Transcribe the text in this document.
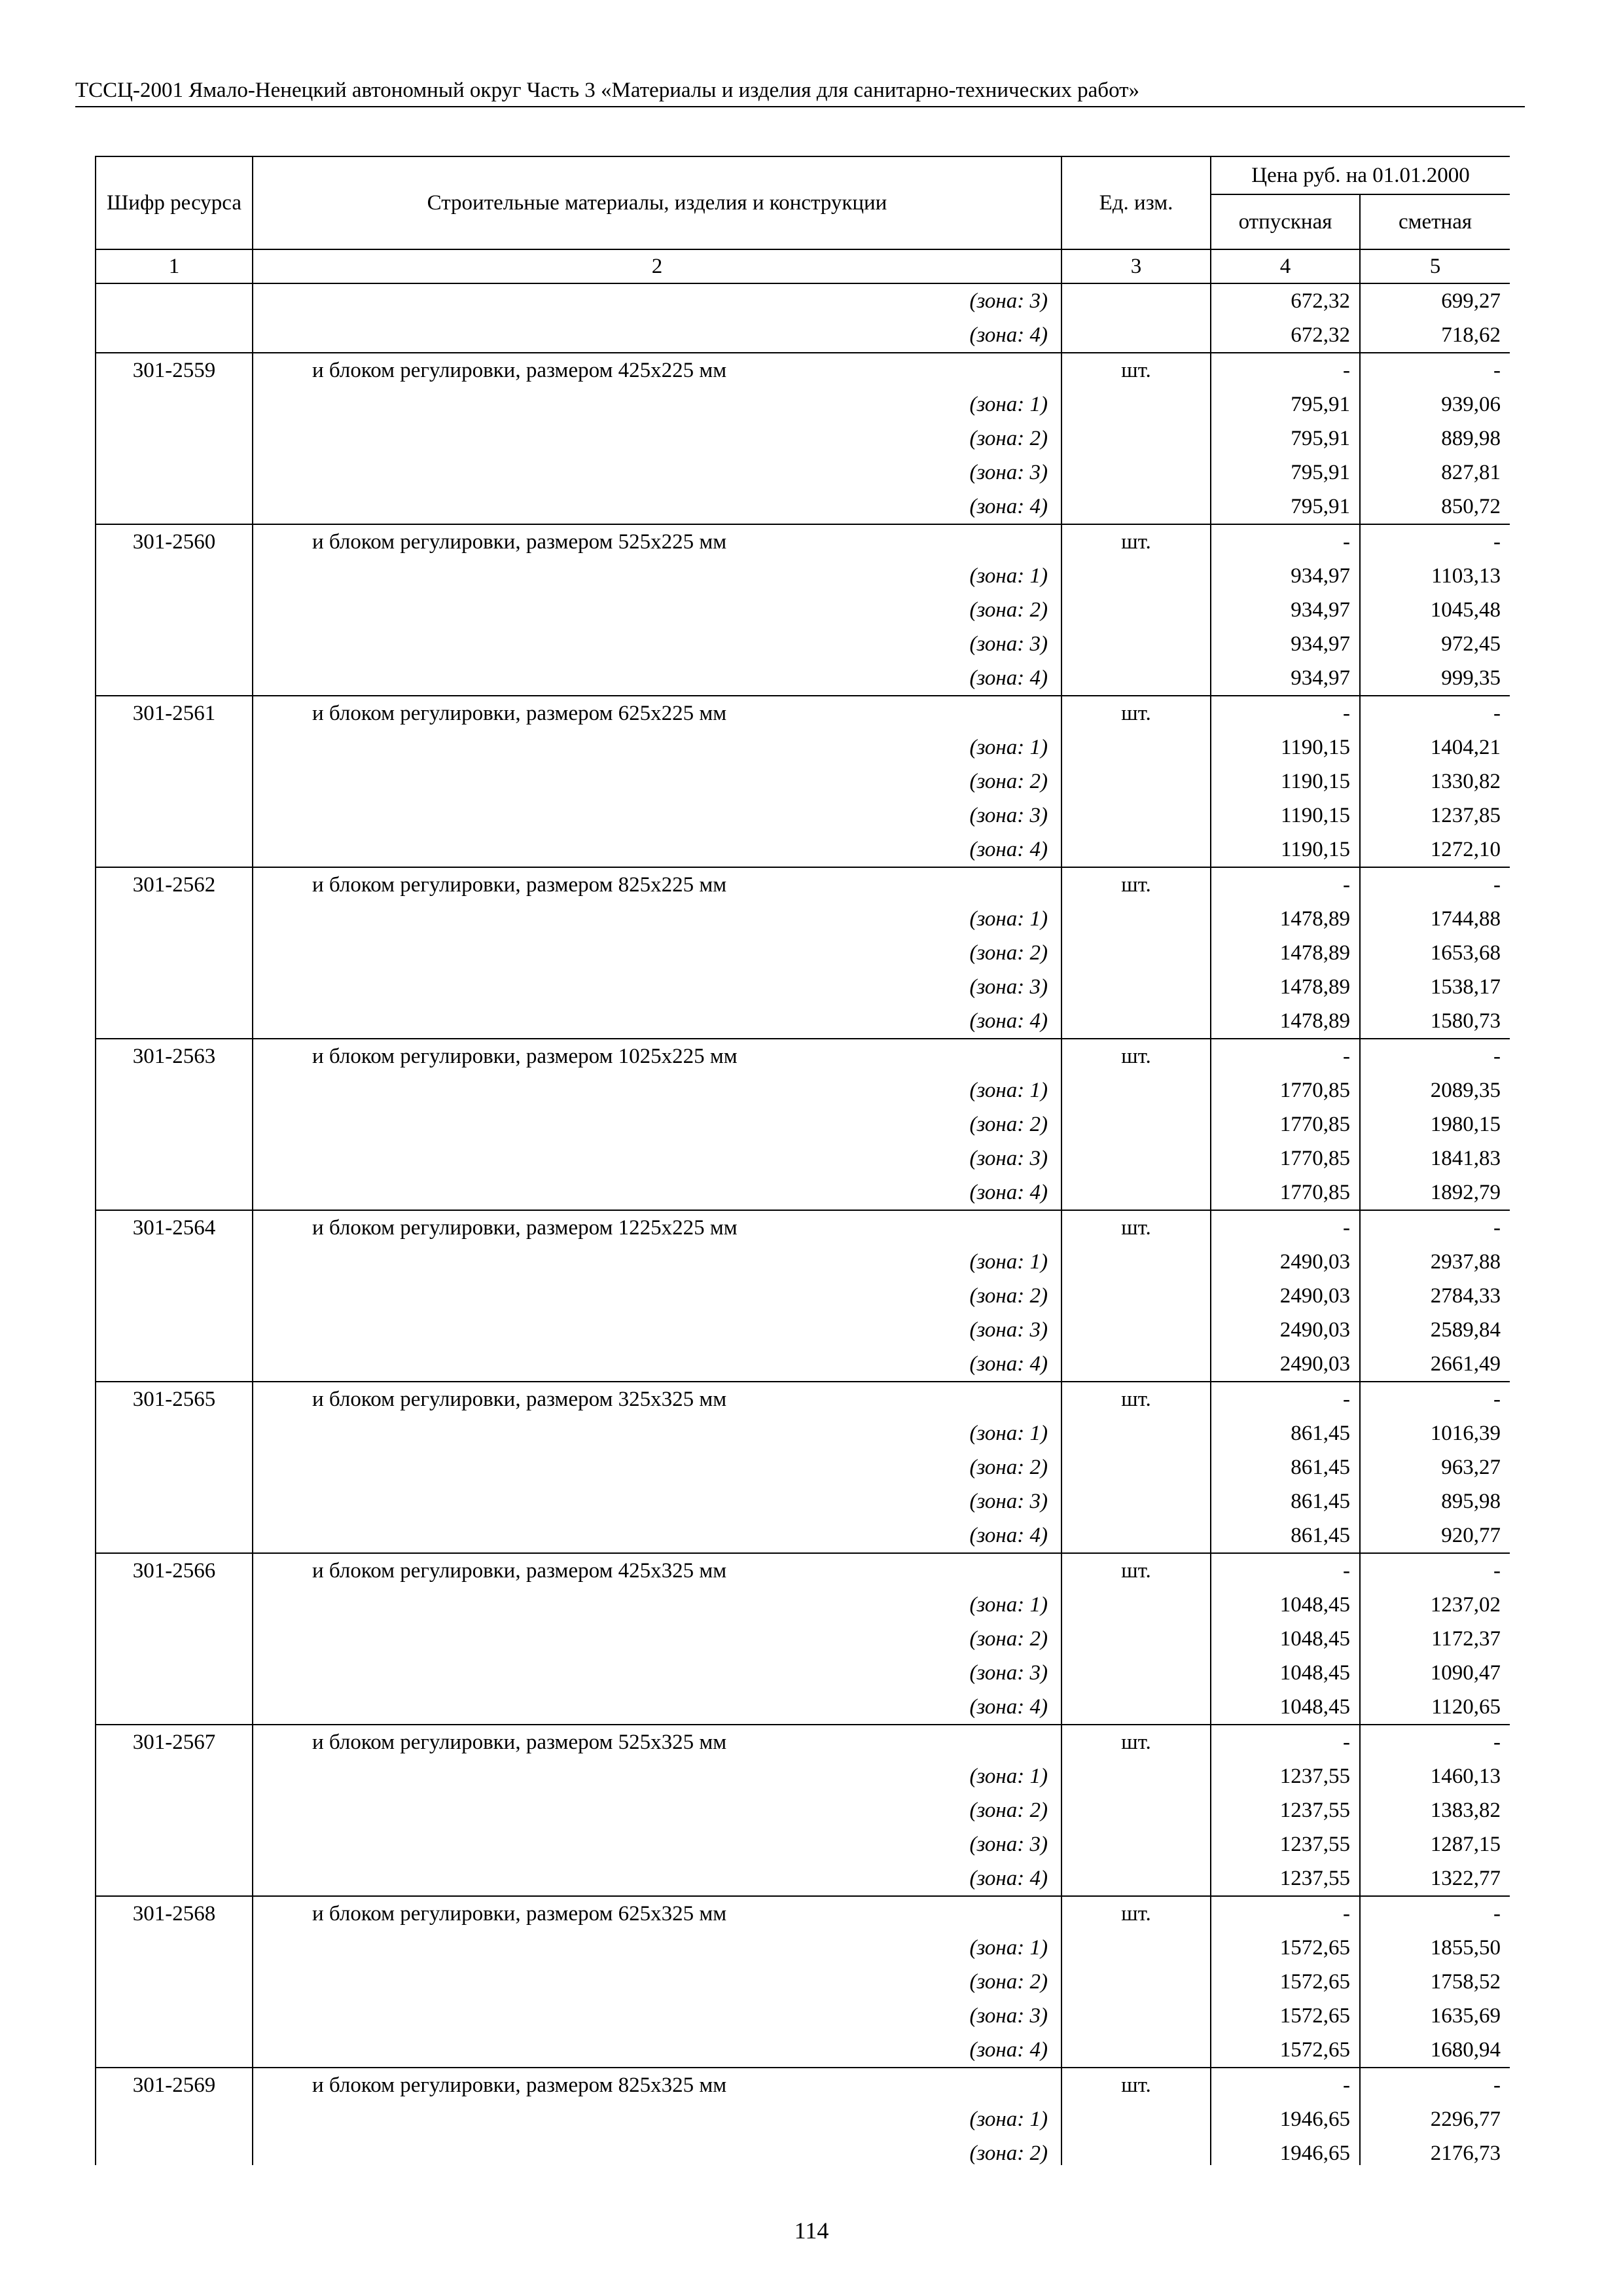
ТССЦ-2001 Ямало-Ненецкий автономный округ Часть 3 «Материалы и изделия для санитарно-технических работ»
Шифр ресурса	Строительные материалы, изделия и конструкции	Ед. изм.	Цена руб. на 01.01.2000	
			отпускная	сметная
1	2	3	4	5
	(зона: 3)		672,32	699,27
	(зона: 4)		672,32	718,62
301-2559	и блоком регулировки, размером 425х225 мм	шт.	-	-
	(зона: 1)		795,91	939,06
	(зона: 2)		795,91	889,98
	(зона: 3)		795,91	827,81
	(зона: 4)		795,91	850,72
301-2560	и блоком регулировки, размером 525х225 мм	шт.	-	-
	(зона: 1)		934,97	1103,13
	(зона: 2)		934,97	1045,48
	(зона: 3)		934,97	972,45
	(зона: 4)		934,97	999,35
301-2561	и блоком регулировки, размером 625х225 мм	шт.	-	-
	(зона: 1)		1190,15	1404,21
	(зона: 2)		1190,15	1330,82
	(зона: 3)		1190,15	1237,85
	(зона: 4)		1190,15	1272,10
301-2562	и блоком регулировки, размером 825х225 мм	шт.	-	-
	(зона: 1)		1478,89	1744,88
	(зона: 2)		1478,89	1653,68
	(зона: 3)		1478,89	1538,17
	(зона: 4)		1478,89	1580,73
301-2563	и блоком регулировки, размером 1025х225 мм	шт.	-	-
	(зона: 1)		1770,85	2089,35
	(зона: 2)		1770,85	1980,15
	(зона: 3)		1770,85	1841,83
	(зона: 4)		1770,85	1892,79
301-2564	и блоком регулировки, размером 1225х225 мм	шт.	-	-
	(зона: 1)		2490,03	2937,88
	(зона: 2)		2490,03	2784,33
	(зона: 3)		2490,03	2589,84
	(зона: 4)		2490,03	2661,49
301-2565	и блоком регулировки, размером 325х325 мм	шт.	-	-
	(зона: 1)		861,45	1016,39
	(зона: 2)		861,45	963,27
	(зона: 3)		861,45	895,98
	(зона: 4)		861,45	920,77
301-2566	и блоком регулировки, размером 425х325 мм	шт.	-	-
	(зона: 1)		1048,45	1237,02
	(зона: 2)		1048,45	1172,37
	(зона: 3)		1048,45	1090,47
	(зона: 4)		1048,45	1120,65
301-2567	и блоком регулировки, размером 525х325 мм	шт.	-	-
	(зона: 1)		1237,55	1460,13
	(зона: 2)		1237,55	1383,82
	(зона: 3)		1237,55	1287,15
	(зона: 4)		1237,55	1322,77
301-2568	и блоком регулировки, размером 625х325 мм	шт.	-	-
	(зона: 1)		1572,65	1855,50
	(зона: 2)		1572,65	1758,52
	(зона: 3)		1572,65	1635,69
	(зона: 4)		1572,65	1680,94
301-2569	и блоком регулировки, размером 825х325 мм	шт.	-	-
	(зона: 1)		1946,65	2296,77
	(зона: 2)		1946,65	2176,73
114
